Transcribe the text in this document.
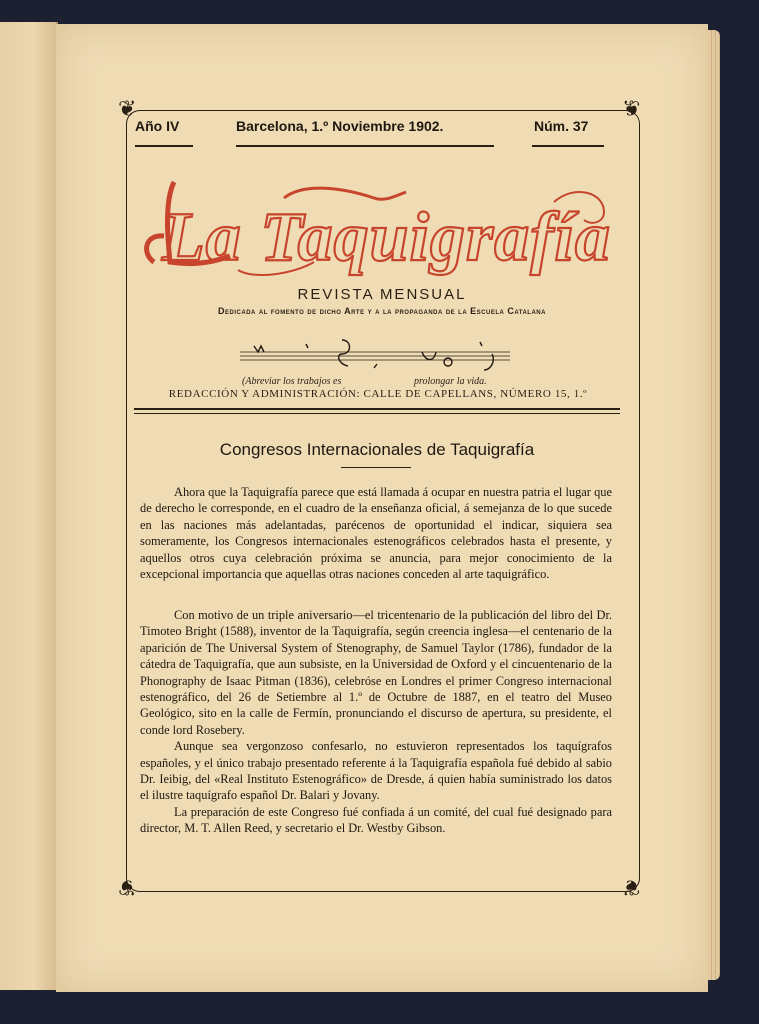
❦	❦
❦	❦
Año IV	Barcelona, 1.º Noviembre 1902.	Núm. 37
La Taquigrafía
REVISTA MENSUAL
Dedicada al fomento de dicho Arte y a la propaganda de la Escuela Catalana
(Abreviar los trabajos es	prolongar la vida.
REDACCIÓN Y ADMINISTRACIÓN: CALLE DE CAPELLANS, NÚMERO 15, 1.º
Congresos Internacionales de Taquigrafía

Ahora que la Taquigrafía parece que está llamada á ocupar en nuestra patria el lugar que de derecho le corresponde, en el cuadro de la enseñanza oficial, á semejanza de lo que sucede en las naciones más adelantadas, parécenos de oportunidad el indicar, siquiera sea someramente, los Congresos internacionales estenográficos celebrados hasta el presente, y aquellos otros cuya celebración próxima se anuncia, para mejor conocimiento de la excepcional importancia que aquellas otras naciones conceden al arte taquigráfico.

Con motivo de un triple aniversario—el tricentenario de la publicación del libro del Dr. Timoteo Bright (1588), inventor de la Taquigrafía, según creencia inglesa—el centenario de la aparición de The Universal System of Stenography, de Samuel Taylor (1786), fundador de la cátedra de Taquigrafía, que aun subsiste, en la Universidad de Oxford y el cincuentenario de la Phonography de Isaac Pitman (1836), celebróse en Londres el primer Congreso internacional estenográfico, del 26 de Setiembre al 1.º de Octubre de 1887, en el teatro del Museo Geológico, sito en la calle de Fermín, pronunciando el discurso de apertura, su presidente, el conde lord Rosebery.

Aunque sea vergonzoso confesarlo, no estuvieron representados los taquígrafos españoles, y el único trabajo presentado referente á la Taquigrafía española fué debido al sabio Dr. Ieibig, del «Real Instituto Estenográfico» de Dresde, á quien había suministrado los datos el ilustre taquígrafo español Dr. Balari y Jovany.

La preparación de este Congreso fué confiada á un comité, del cual fué designado para director, M. T. Allen Reed, y secretario el Dr. Westby Gibson.
